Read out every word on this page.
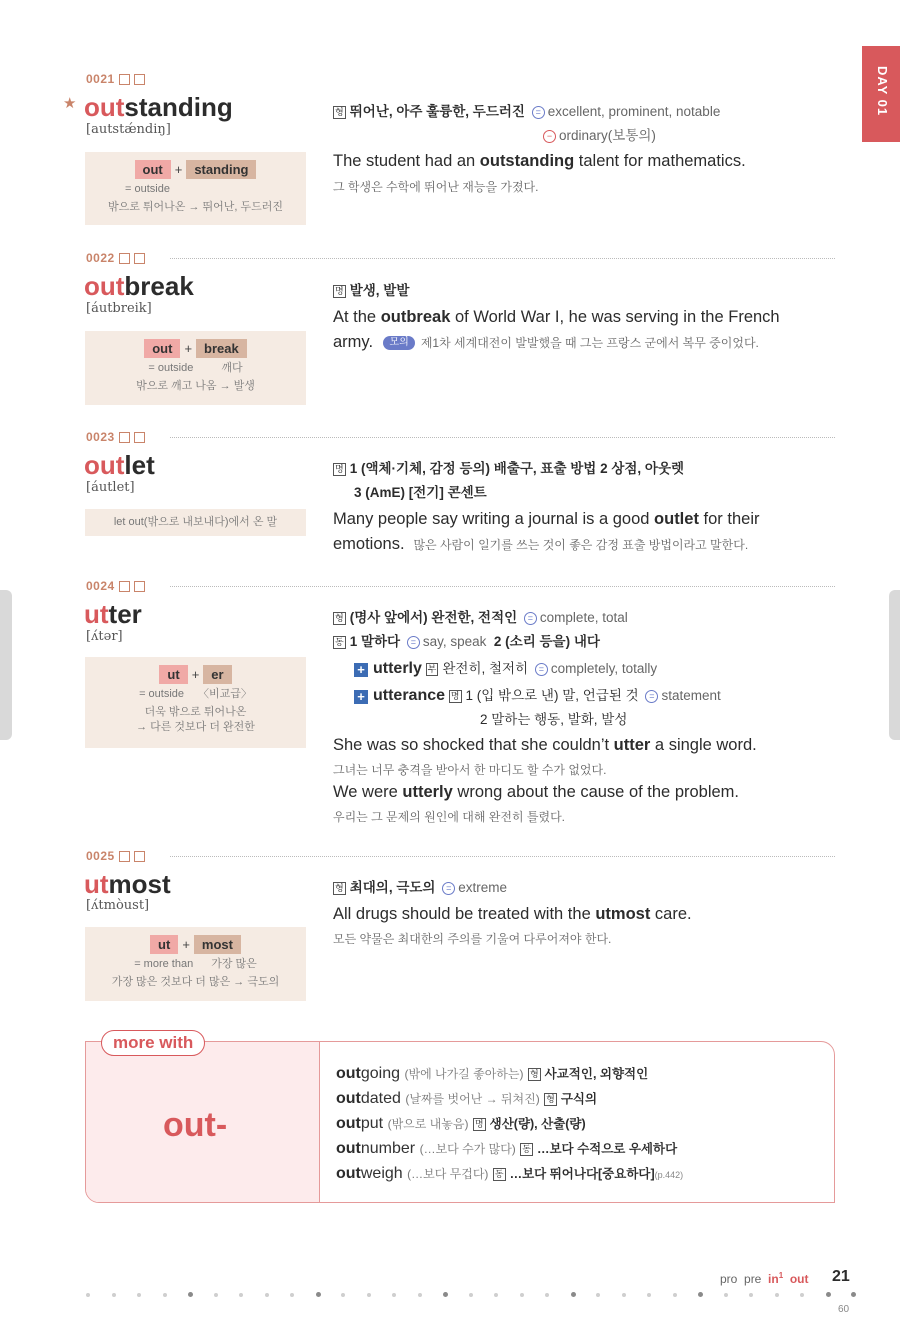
DAY 01
0021
★ outstanding
[autstǽndiŋ]
out + standing
= outside
밖으로 튀어나온 → 뛰어난, 두드러진
형 뛰어난, 아주 훌륭한, 두드러진 = excellent, prominent, notable
− ordinary(보통의)
The student had an outstanding talent for mathematics.
그 학생은 수학에 뛰어난 재능을 가졌다.
0022
outbreak
[áutbreik]
out + break
= outside	깨다
밖으로 깨고 나옴 → 발생
명 발생, 발발
At the outbreak of World War I, he was serving in the French
army. 모의 제1차 세계대전이 발발했을 때 그는 프랑스 군에서 복무 중이었다.
0023
outlet
[áutlet]
let out(밖으로 내보내다)에서 온 말
명 1 (액체·기체, 감정 등의) 배출구, 표출 방법 2 상점, 아웃렛
3 (AmE) [전기] 콘센트
Many people say writing a journal is a good outlet for their
emotions. 많은 사람이 일기를 쓰는 것이 좋은 감정 표출 방법이라고 말한다.
0024
utter
[ʌ́tər]
ut + er
= outside 〈비교급〉
더욱 밖으로 튀어나온
→ 다른 것보다 더 완전한
형 (명사 앞에서) 완전한, 전적인 = complete, total
동 1 말하다 = say, speak 2 (소리 등을) 내다
+ utterly 부 완전히, 철저히 = completely, totally
+ utterance 명 1 (입 밖으로 낸) 말, 언급된 것 = statement
2 말하는 행동, 발화, 발성
She was so shocked that she couldn’t utter a single word.
그녀는 너무 충격을 받아서 한 마디도 할 수가 없었다.
We were utterly wrong about the cause of the problem.
우리는 그 문제의 원인에 대해 완전히 틀렸다.
0025
utmost
[ʌ́tmòust]
ut + most
= more than 가장 많은
가장 많은 것보다 더 많은 → 극도의
형 최대의, 극도의 = extreme
All drugs should be treated with the utmost care.
모든 약물은 최대한의 주의를 기울여 다루어져야 한다.
more with
out-
outgoing (밖에 나가길 좋아하는) 형 사교적인, 외향적인
outdated (날짜를 벗어난 → 뒤쳐진) 형 구식의
output (밖으로 내놓음) 명 생산(량), 산출(량)
outnumber (…보다 수가 많다) 동 …보다 수적으로 우세하다
outweigh (…보다 무겁다) 동 …보다 뛰어나다[중요하다](p.442)
pro pre $in^1$ out 21
60
